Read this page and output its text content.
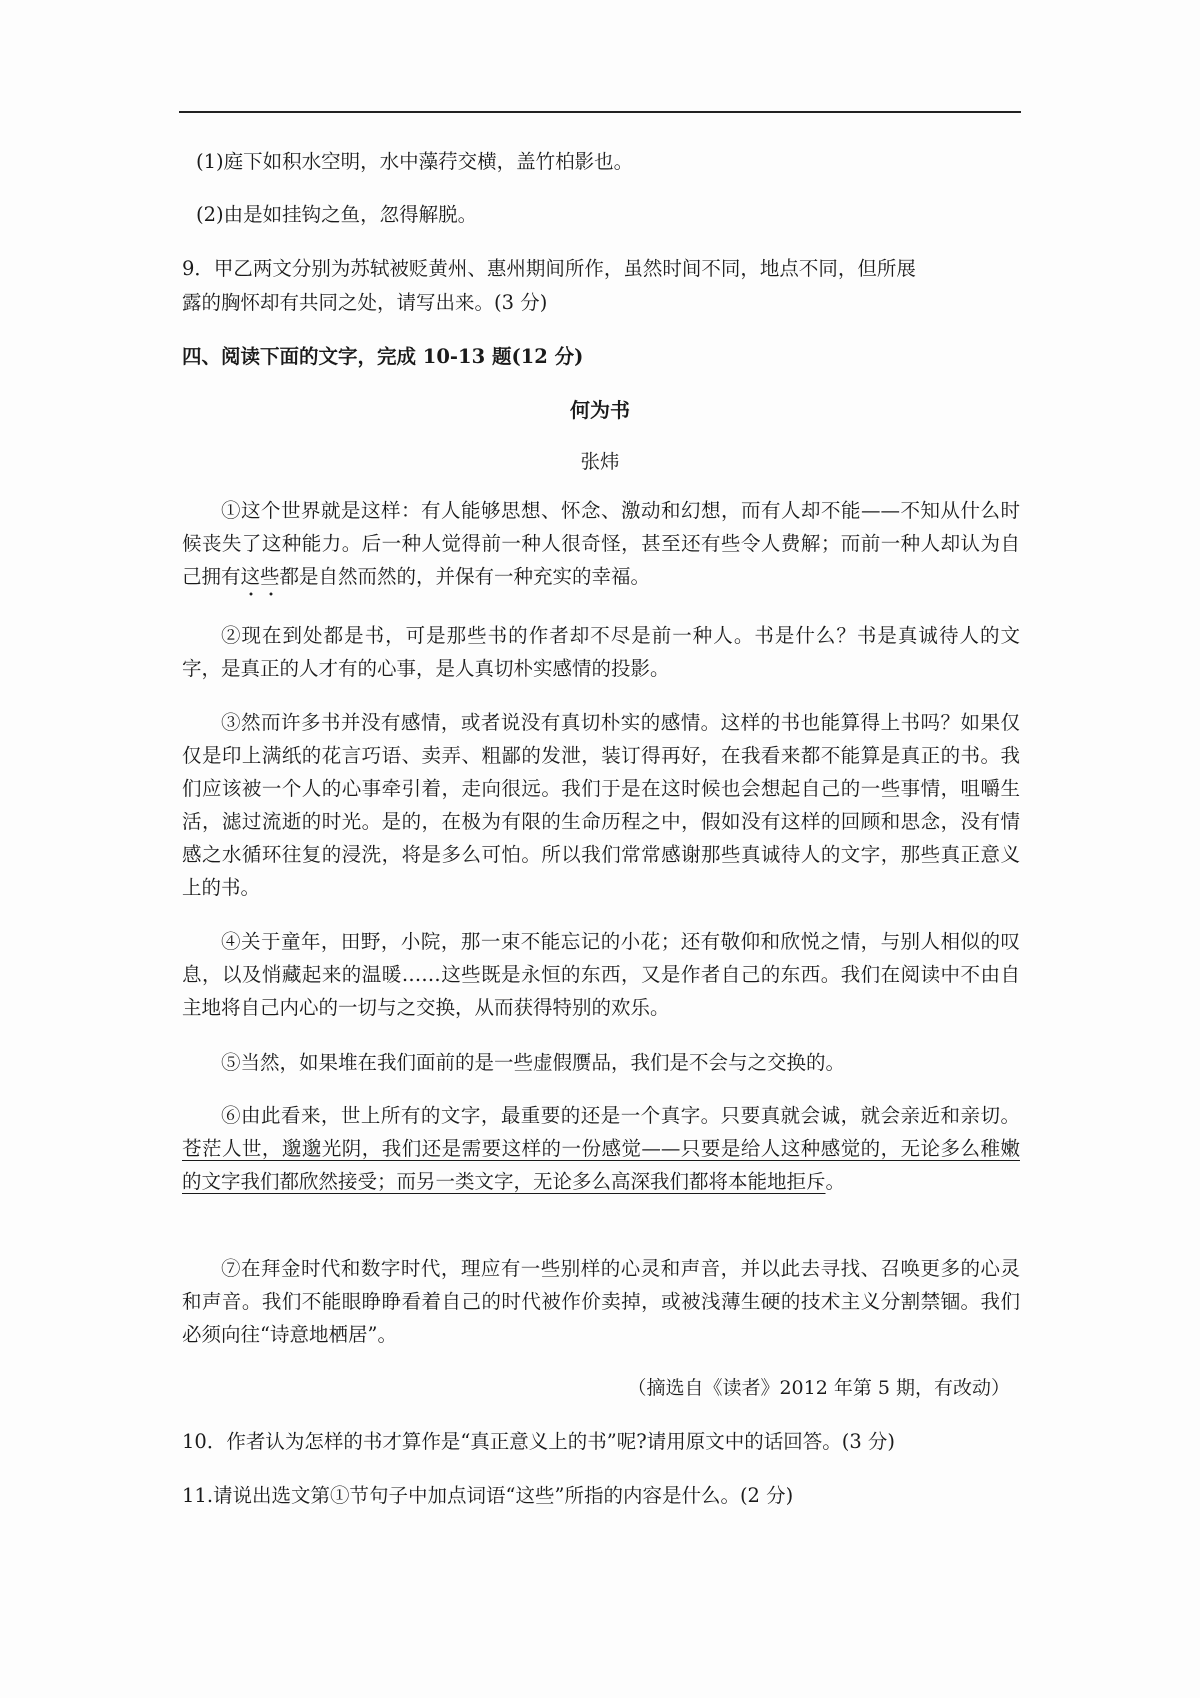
(1)庭下如积水空明，水中藻荇交横，盖竹柏影也。
(2)由是如挂钩之鱼，忽得解脱。
9．甲乙两文分别为苏轼被贬黄州、惠州期间所作，虽然时间不同，地点不同，但所展
露的胸怀却有共同之处，请写出来。(3 分)
四、阅读下面的文字，完成 10-13 题(12 分)
何为书
张炜
①这个世界就是这样：有人能够思想、怀念、激动和幻想，而有人却不能——不知从什么时候丧失了这种能力。后一种人觉得前一种人很奇怪，甚至还有些令人费解；而前一种人却认为自己拥有这些都是自然而然的，并保有一种充实的幸福。
②现在到处都是书，可是那些书的作者却不尽是前一种人。书是什么？书是真诚待人的文字，是真正的人才有的心事，是人真切朴实感情的投影。
③然而许多书并没有感情，或者说没有真切朴实的感情。这样的书也能算得上书吗？如果仅仅是印上满纸的花言巧语、卖弄、粗鄙的发泄，装订得再好，在我看来都不能算是真正的书。我们应该被一个人的心事牵引着，走向很远。我们于是在这时候也会想起自己的一些事情，咀嚼生活，滤过流逝的时光。是的，在极为有限的生命历程之中，假如没有这样的回顾和思念，没有情感之水循环往复的浸洗，将是多么可怕。所以我们常常感谢那些真诚待人的文字，那些真正意义上的书。
④关于童年，田野，小院，那一束不能忘记的小花；还有敬仰和欣悦之情，与别人相似的叹息，以及悄藏起来的温暖……这些既是永恒的东西，又是作者自己的东西。我们在阅读中不由自主地将自己内心的一切与之交换，从而获得特别的欢乐。
⑤当然，如果堆在我们面前的是一些虚假赝品，我们是不会与之交换的。
⑥由此看来，世上所有的文字，最重要的还是一个真字。只要真就会诚，就会亲近和亲切。苍茫人世，邈邈光阴，我们还是需要这样的一份感觉——只要是给人这种感觉的，无论多么稚嫩的文字我们都欣然接受；而另一类文字，无论多么高深我们都将本能地拒斥。
⑦在拜金时代和数字时代，理应有一些别样的心灵和声音，并以此去寻找、召唤更多的心灵和声音。我们不能眼睁睁看着自己的时代被作价卖掉，或被浅薄生硬的技术主义分割禁锢。我们必须向往“诗意地栖居”。
（摘选自《读者》2012 年第 5 期，有改动）
10．作者认为怎样的书才算作是“真正意义上的书”呢?请用原文中的话回答。(3 分)
11.请说出选文第①节句子中加点词语“这些”所指的内容是什么。(2 分)
